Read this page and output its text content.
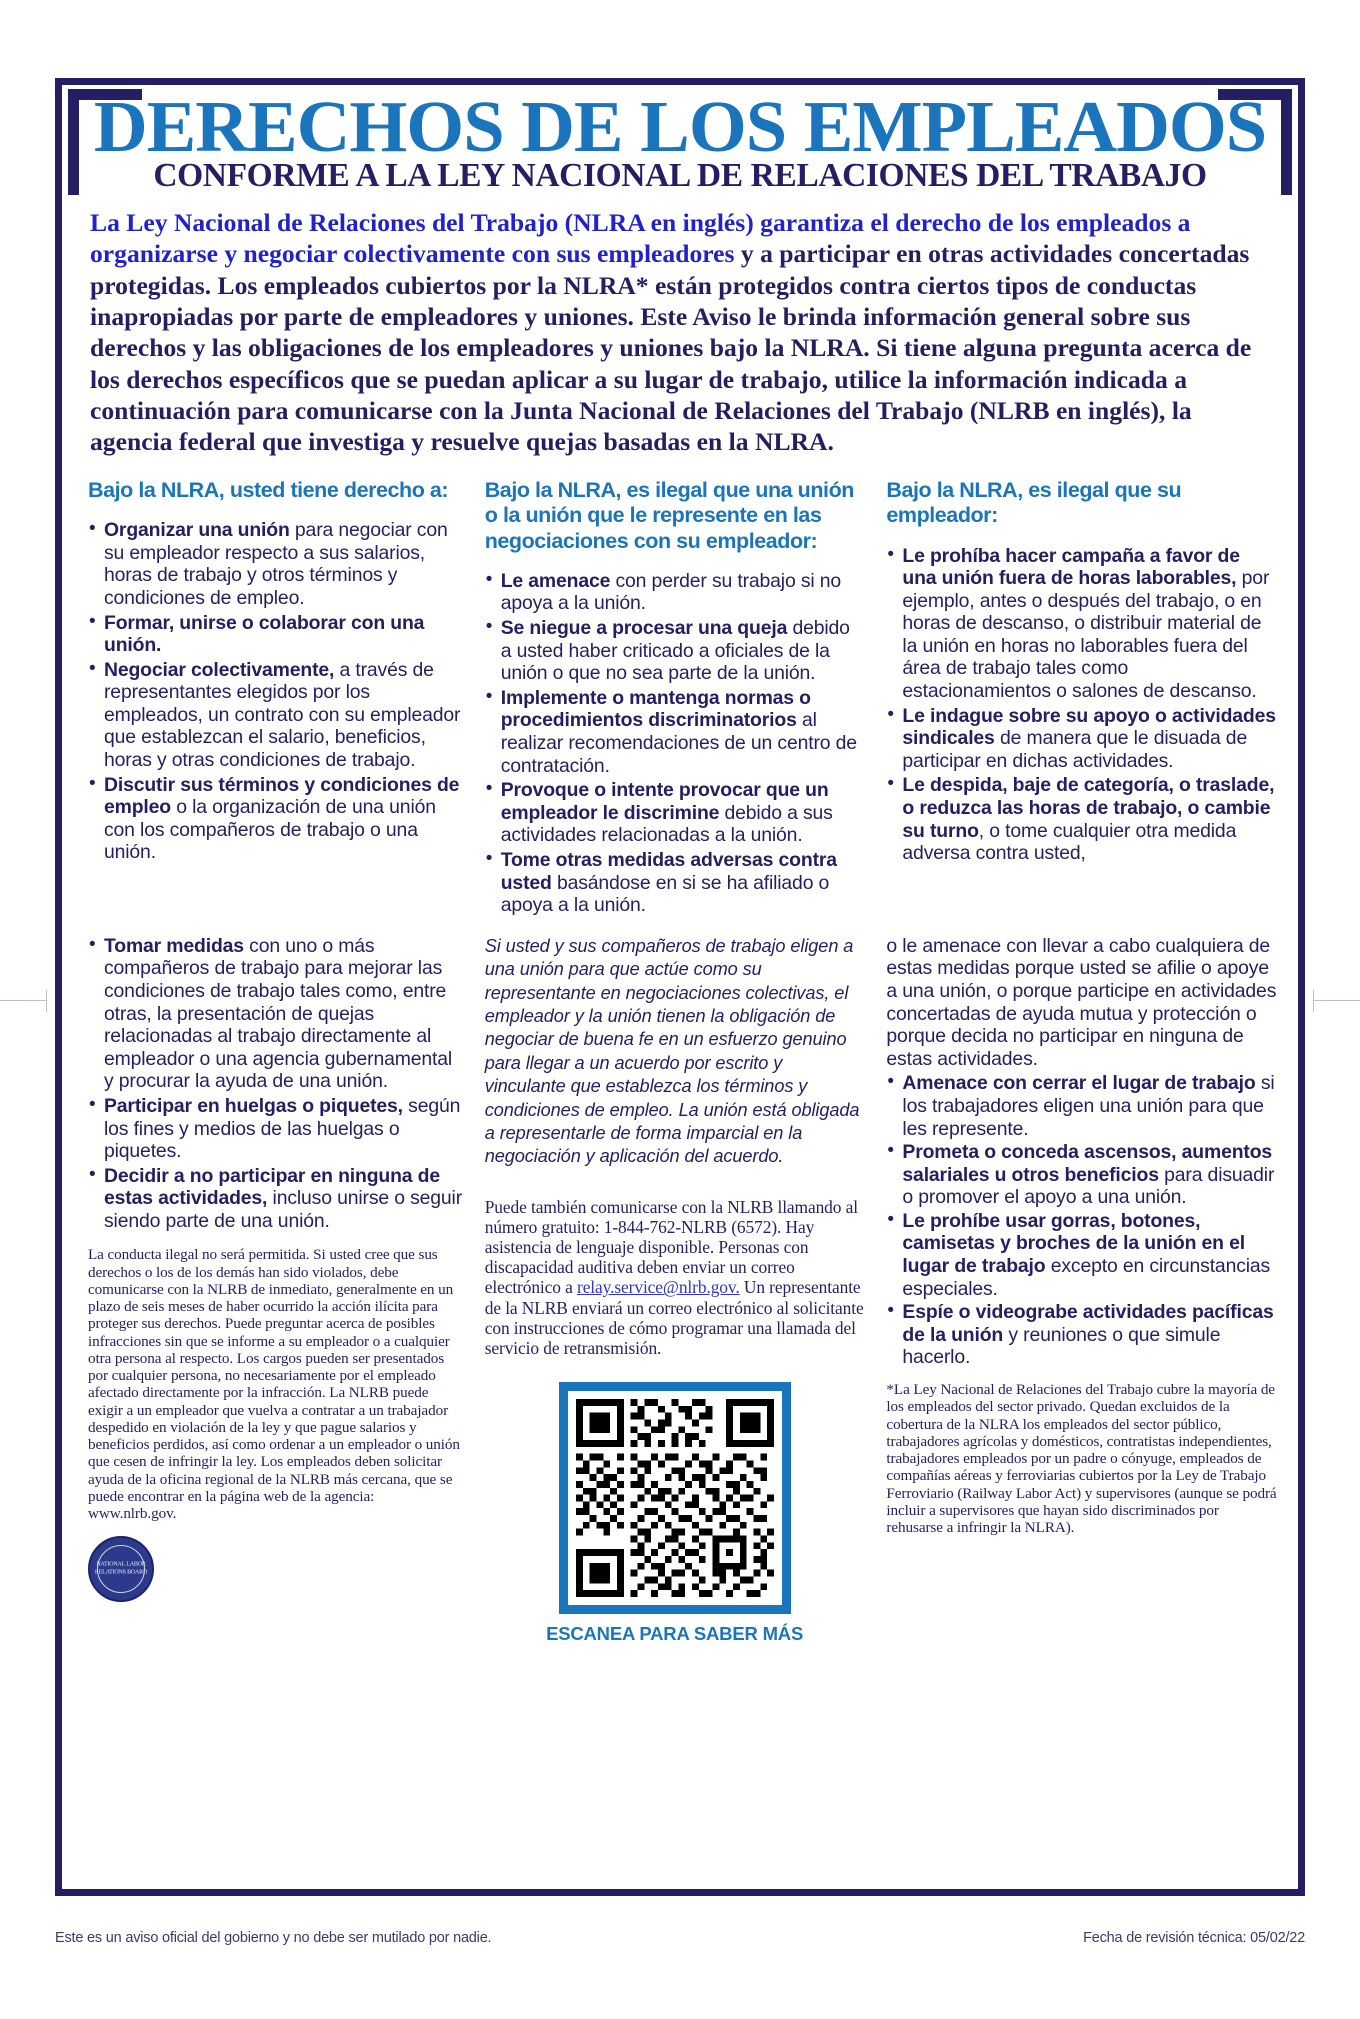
DERECHOS DE LOS EMPLEADOS
CONFORME A LA LEY NACIONAL DE RELACIONES DEL TRABAJO

La Ley Nacional de Relaciones del Trabajo (NLRA en inglés) garantiza el derecho de los empleados a organizarse y negociar colectivamente con sus empleadores y a participar en otras actividades concertadas protegidas. Los empleados cubiertos por la NLRA* están protegidos contra ciertos tipos de conductas inapropiadas por parte de empleadores y uniones. Este Aviso le brinda información general sobre sus derechos y las obligaciones de los empleadores y uniones bajo la NLRA. Si tiene alguna pregunta acerca de los derechos específicos que se puedan aplicar a su lugar de trabajo, utilice la información indicada a continuación para comunicarse con la Junta Nacional de Relaciones del Trabajo (NLRB en inglés), la agencia federal que investiga y resuelve quejas basadas en la NLRA.

Bajo la NLRA, usted tiene derecho a:
• Organizar una unión para negociar con su empleador respecto a sus salarios, horas de trabajo y otros términos y condiciones de empleo.
• Formar, unirse o colaborar con una unión.
• Negociar colectivamente, a través de representantes elegidos por los empleados, un contrato con su empleador que establezcan el salario, beneficios, horas y otras condiciones de trabajo.
• Discutir sus términos y condiciones de empleo o la organización de una unión con los compañeros de trabajo o una unión.
Bajo la NLRA, es ilegal que una unión o la unión que le represente en las negociaciones con su empleador:
• Le amenace con perder su trabajo si no apoya a la unión.
• Se niegue a procesar una queja debido a usted haber criticado a oficiales de la unión o que no sea parte de la unión.
• Implemente o mantenga normas o procedimientos discriminatorios al realizar recomendaciones de un centro de contratación.
• Provoque o intente provocar que un empleador le discrimine debido a sus actividades relacionadas a la unión.
• Tome otras medidas adversas contra usted basándose en si se ha afiliado o apoya a la unión.
Bajo la NLRA, es ilegal que su empleador:
• Le prohíba hacer campaña a favor de una unión fuera de horas laborables, por ejemplo, antes o después del trabajo, o en horas de descanso, o distribuir material de la unión en horas no laborables fuera del área de trabajo tales como estacionamientos o salones de descanso.
• Le indague sobre su apoyo o actividades sindicales de manera que le disuada de participar en dichas actividades.
• Le despida, baje de categoría, o traslade, o reduzca las horas de trabajo, o cambie su turno, o tome cualquier otra medida adversa contra usted,
• Tomar medidas con uno o más compañeros de trabajo para mejorar las condiciones de trabajo tales como, entre otras, la presentación de quejas relacionadas al trabajo directamente al empleador o una agencia gubernamental y procurar la ayuda de una unión.
• Participar en huelgas o piquetes, según los fines y medios de las huelgas o piquetes.
• Decidir a no participar en ninguna de estas actividades, incluso unirse o seguir siendo parte de una unión.

La conducta ilegal no será permitida. Si usted cree que sus derechos o los de los demás han sido violados, debe comunicarse con la NLRB de inmediato, generalmente en un plazo de seis meses de haber ocurrido la acción ilícita para proteger sus derechos. Puede preguntar acerca de posibles infracciones sin que se informe a su empleador o a cualquier otra persona al respecto. Los cargos pueden ser presentados por cualquier persona, no necesariamente por el empleado afectado directamente por la infracción. La NLRB puede exigir a un empleador que vuelva a contratar a un trabajador despedido en violación de la ley y que pague salarios y beneficios perdidos, así como ordenar a un empleador o unión que cesen de infringir la ley. Los empleados deben solicitar ayuda de la oficina regional de la NLRB más cercana, que se puede encontrar en la página web de la agencia: www.nlrb.gov.

NATIONAL LABOR RELATIONS BOARD

Si usted y sus compañeros de trabajo eligen a una unión para que actúe como su representante en negociaciones colectivas, el empleador y la unión tienen la obligación de negociar de buena fe en un esfuerzo genuino para llegar a un acuerdo por escrito y vinculante que establezca los términos y condiciones de empleo. La unión está obligada a representarle de forma imparcial en la negociación y aplicación del acuerdo.

Puede también comunicarse con la NLRB llamando al número gratuito: 1-844-762-NLRB (6572). Hay asistencia de lenguaje disponible. Personas con discapacidad auditiva deben enviar un correo electrónico a relay.service@nlrb.gov. Un representante de la NLRB enviará un correo electrónico al solicitante con instrucciones de cómo programar una llamada del servicio de retransmisión.

ESCANEA PARA SABER MÁS

o le amenace con llevar a cabo cualquiera de estas medidas porque usted se afilie o apoye a una unión, o porque participe en actividades concertadas de ayuda mutua y protección o porque decida no participar en ninguna de estas actividades.

• Amenace con cerrar el lugar de trabajo si los trabajadores eligen una unión para que les represente.
• Prometa o conceda ascensos, aumentos salariales u otros beneficios para disuadir o promover el apoyo a una unión.
• Le prohíbe usar gorras, botones, camisetas y broches de la unión en el lugar de trabajo excepto en circunstancias especiales.
• Espíe o videograbe actividades pacíficas de la unión y reuniones o que simule hacerlo.

*La Ley Nacional de Relaciones del Trabajo cubre la mayoría de los empleados del sector privado. Quedan excluidos de la cobertura de la NLRA los empleados del sector público, trabajadores agrícolas y domésticos, contratistas independientes, trabajadores empleados por un padre o cónyuge, empleados de compañías aéreas y ferroviarias cubiertos por la Ley de Trabajo Ferroviario (Railway Labor Act) y supervisores (aunque se podrá incluir a supervisores que hayan sido discriminados por rehusarse a infringir la NLRA).

Este es un aviso oficial del gobierno y no debe ser mutilado por nadie.	Fecha de revisión técnica: 05/02/22
